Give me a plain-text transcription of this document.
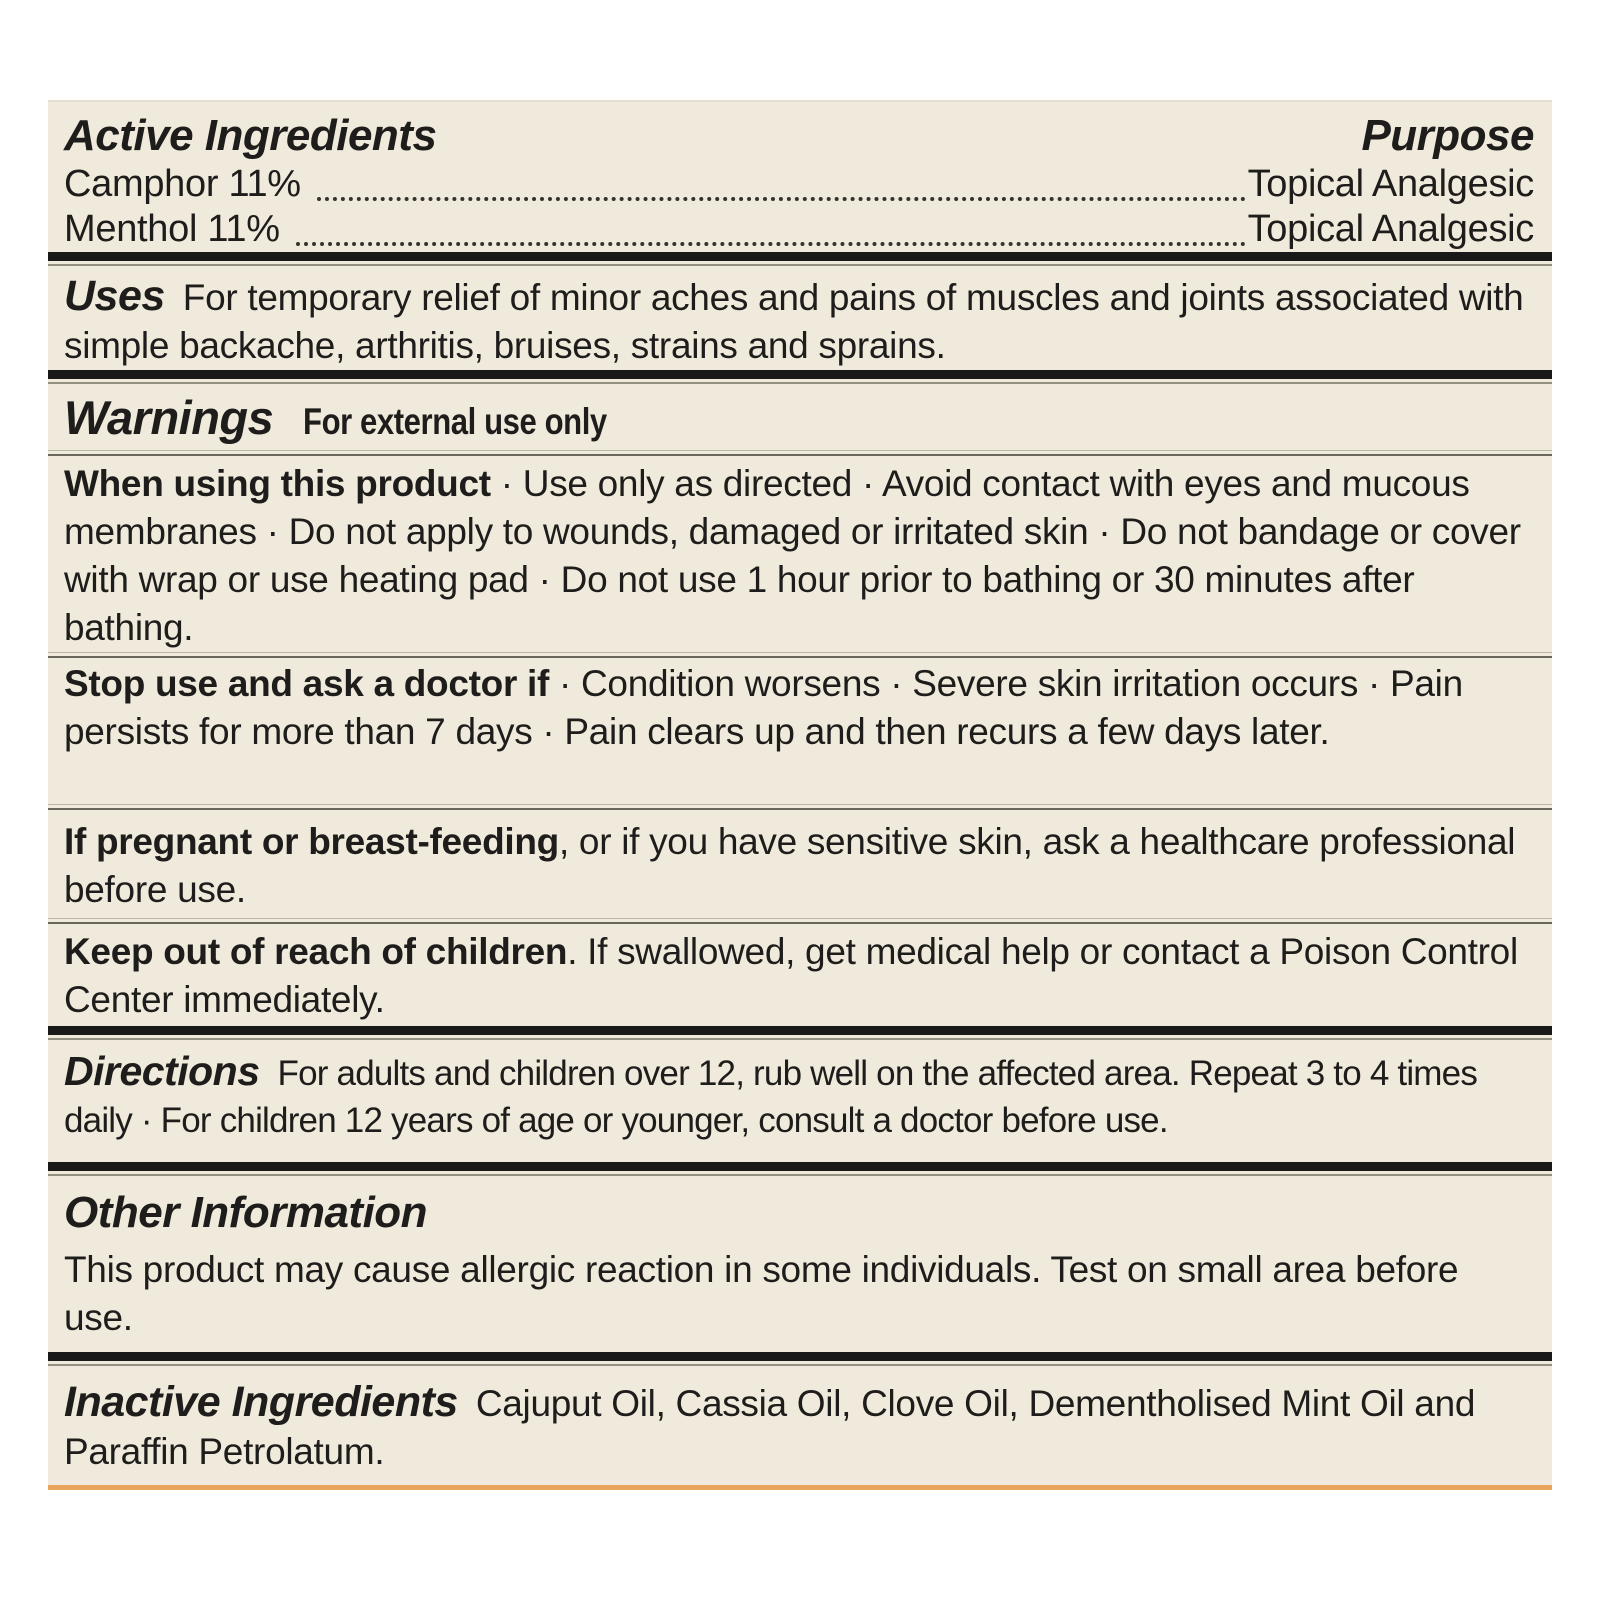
Active Ingredients	Purpose
Camphor 11%	Topical Analgesic
Menthol 11%	Topical Analgesic

Uses For temporary relief of minor aches and pains of muscles and joints associated with simple backache, arthritis, bruises, strains and sprains.

Warnings For external use only

When using this product · Use only as directed · Avoid contact with eyes and mucous membranes · Do not apply to wounds, damaged or irritated skin · Do not bandage or cover with wrap or use heating pad · Do not use 1 hour prior to bathing or 30 minutes after bathing.

Stop use and ask a doctor if · Condition worsens · Severe skin irritation occurs · Pain persists for more than 7 days · Pain clears up and then recurs a few days later.

If pregnant or breast-feeding, or if you have sensitive skin, ask a healthcare professional before use.

Keep out of reach of children. If swallowed, get medical help or contact a Poison Control Center immediately.

Directions For adults and children over 12, rub well on the affected area. Repeat 3 to 4 times daily · For children 12 years of age or younger, consult a doctor before use.

Other Information

This product may cause allergic reaction in some individuals. Test on small area before use.

Inactive Ingredients Cajuput Oil, Cassia Oil, Clove Oil, Dementholised Mint Oil and Paraffin Petrolatum.
